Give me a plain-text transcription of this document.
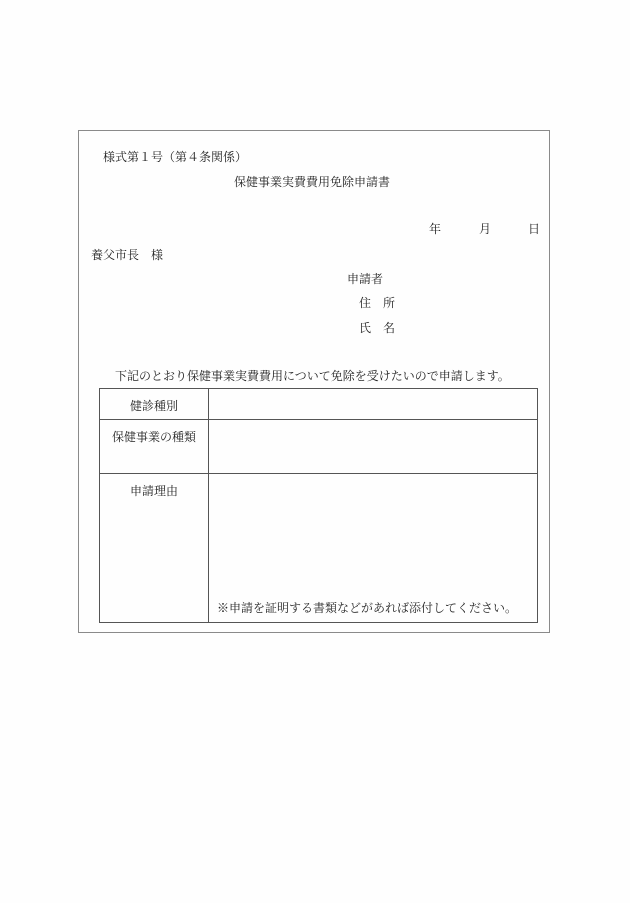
様式第１号（第４条関係）
保健事業実費費用免除申請書
年	月	日
養父市長　様
申請者
住　所
氏　名
下記のとおり保健事業実費費用について免除を受けたいので申請します。
健診種別	
保健事業の種類	
申請理由	※申請を証明する書類などがあれば添付してください。
